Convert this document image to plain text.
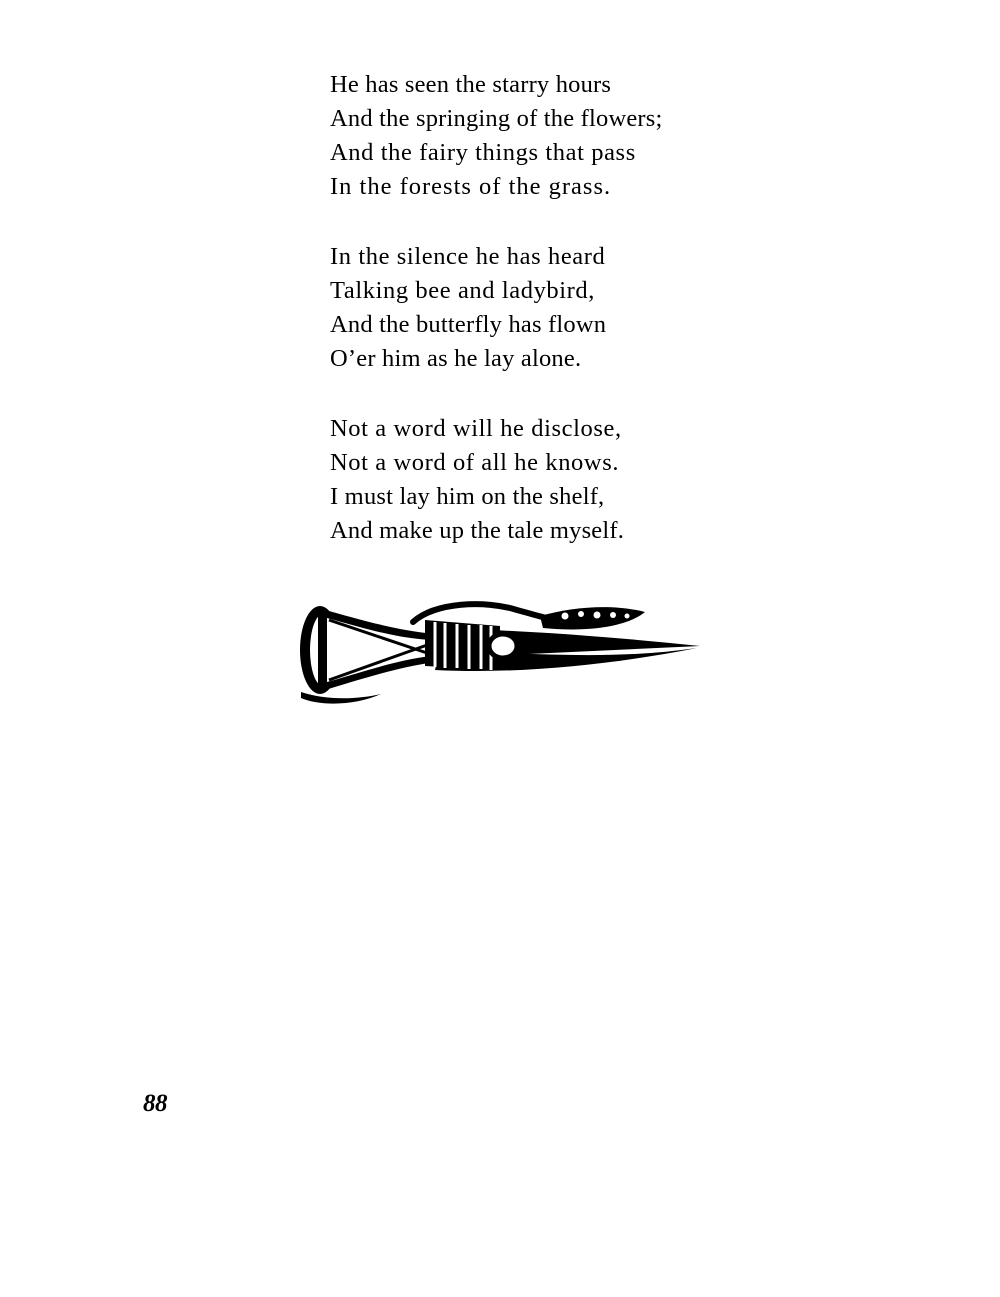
He has seen the starry hours
And the springing of the flowers;
And the fairy things that pass
In the forests of the grass.
In the silence he has heard
Talking bee and ladybird,
And the butterfly has flown
O’er him as he lay alone.
Not a word will he disclose,
Not a word of all he knows.
I must lay him on the shelf,
And make up the tale myself.
88
